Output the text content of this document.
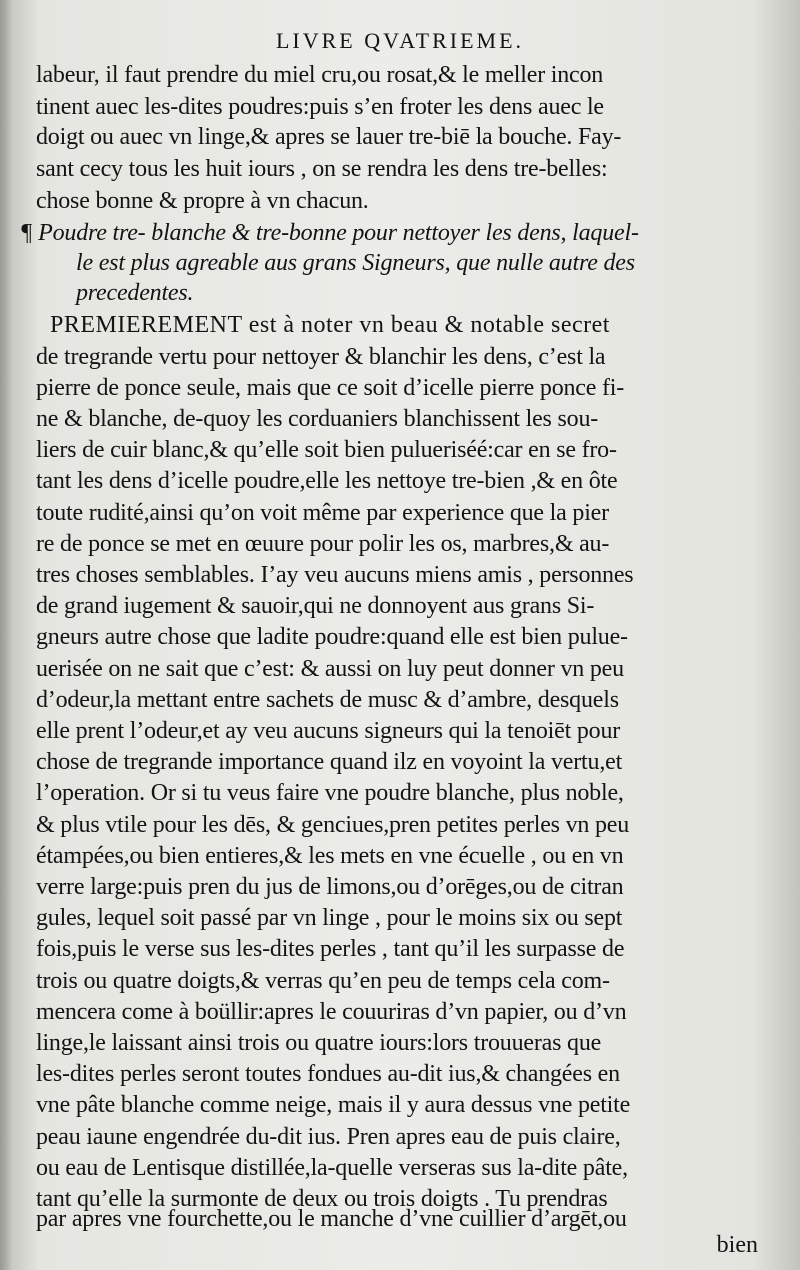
LIVRE QVATRIEME.
labeur, il faut prendre du miel cru,ou rosat,& le meller incon
tinent auec les-dites poudres:puis s’en froter les dens auec le
doigt ou auec vn linge,& apres se lauer tre-biē la bouche. Fay-
sant cecy tous les huit iours , on se rendra les dens tre-belles:
chose bonne & propre à vn chacun.
¶ Poudre tre- blanche & tre-bonne pour nettoyer les dens, laquel-
le est plus agreable aus grans Signeurs, que nulle autre des
precedentes.
PREMIEREMENT est à noter vn beau & notable secret
de tregrande vertu pour nettoyer & blanchir les dens, c’est la
pierre de ponce seule, mais que ce soit d’icelle pierre ponce fi-
ne & blanche, de-quoy les corduaniers blanchissent les sou-
liers de cuir blanc,& qu’elle soit bien pulueriséé:car en se fro-
tant les dens d’icelle poudre,elle les nettoye tre-bien ,& en ôte
toute rudité,ainsi qu’on voit même par experience que la pier
re de ponce se met en œuure pour polir les os, marbres,& au-
tres choses semblables. I’ay veu aucuns miens amis , personnes
de grand iugement & sauoir,qui ne donnoyent aus grans Si-
gneurs autre chose que ladite poudre:quand elle est bien pulue-
uerisée on ne sait que c’est: & aussi on luy peut donner vn peu
d’odeur,la mettant entre sachets de musc & d’ambre, desquels
elle prent l’odeur,et ay veu aucuns signeurs qui la tenoiēt pour
chose de tregrande importance quand ilz en voyoint la vertu,et
l’operation. Or si tu veus faire vne poudre blanche, plus noble,
& plus vtile pour les dēs, & genciues,pren petites perles vn peu
étampées,ou bien entieres,& les mets en vne écuelle , ou en vn
verre large:puis pren du jus de limons,ou d’orēges,ou de citran
gules, lequel soit passé par vn linge , pour le moins six ou sept
fois,puis le verse sus les-dites perles , tant qu’il les surpasse de
trois ou quatre doigts,& verras qu’en peu de temps cela com-
mencera come à boüllir:apres le couuriras d’vn papier, ou d’vn
linge,le laissant ainsi trois ou quatre iours:lors trouueras que
les-dites perles seront toutes fondues au-dit ius,& changées en
vne pâte blanche comme neige, mais il y aura dessus vne petite
peau iaune engendrée du-dit ius. Pren apres eau de puis claire,
ou eau de Lentisque distillée,la-quelle verseras sus la-dite pâte,
tant qu’elle la surmonte de deux ou trois doigts . Tu prendras
par apres vne fourchette,ou le manche d’vne cuillier d’argēt,ou
bien
